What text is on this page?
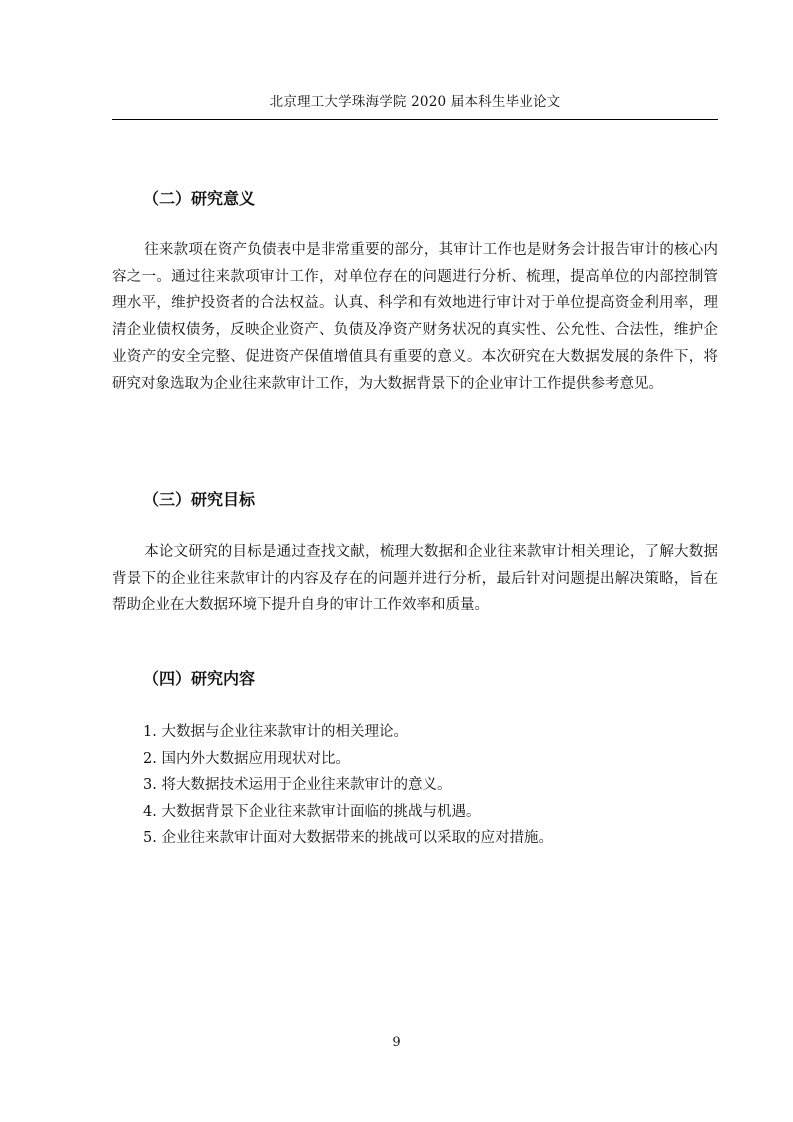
北京理工大学珠海学院 2020 届本科生毕业论文
（二）研究意义

往来款项在资产负债表中是非常重要的部分，其审计工作也是财务会计报告审计的核心内容之一。通过往来款项审计工作，对单位存在的问题进行分析、梳理，提高单位的内部控制管理水平，维护投资者的合法权益。认真、科学和有效地进行审计对于单位提高资金利用率，理清企业债权债务，反映企业资产、负债及净资产财务状况的真实性、公允性、合法性，维护企业资产的安全完整、促进资产保值增值具有重要的意义。本次研究在大数据发展的条件下，将研究对象选取为企业往来款审计工作，为大数据背景下的企业审计工作提供参考意见。

（三）研究目标

本论文研究的目标是通过查找文献，梳理大数据和企业往来款审计相关理论，了解大数据背景下的企业往来款审计的内容及存在的问题并进行分析，最后针对问题提出解决策略，旨在帮助企业在大数据环境下提升自身的审计工作效率和质量。

（四）研究内容
1. 大数据与企业往来款审计的相关理论。
2. 国内外大数据应用现状对比。
3. 将大数据技术运用于企业往来款审计的意义。
4. 大数据背景下企业往来款审计面临的挑战与机遇。
5. 企业往来款审计面对大数据带来的挑战可以采取的应对措施。
9
